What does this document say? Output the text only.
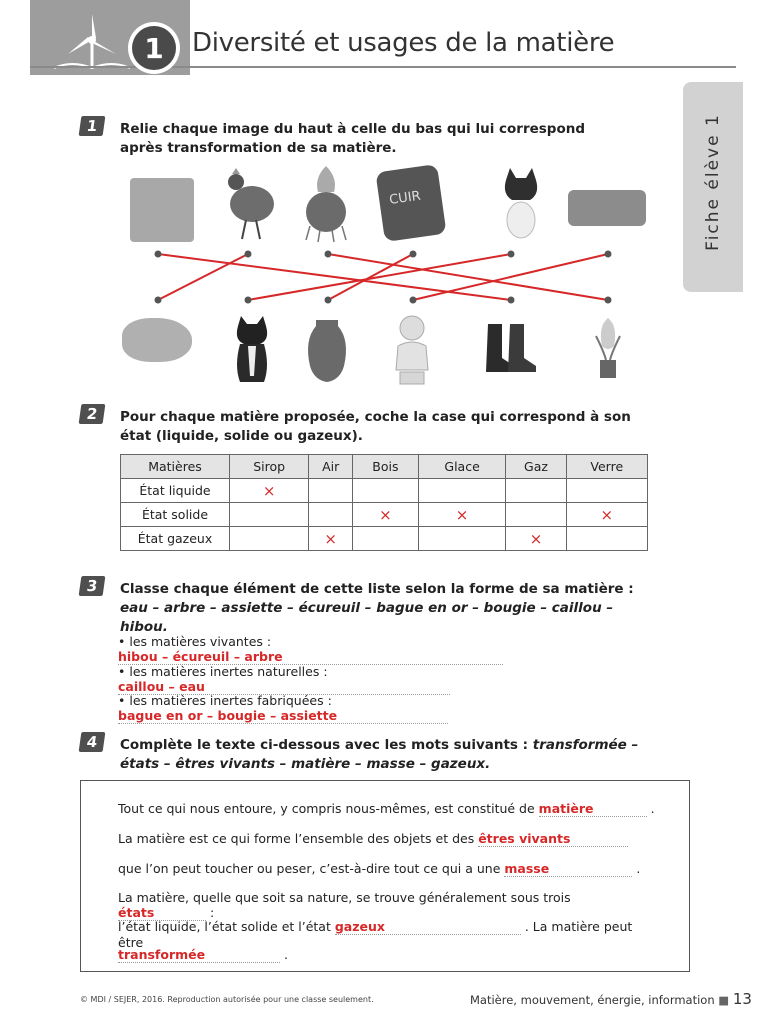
1	Diversité et usages de la matière
Fiche élève 1
1	Relie chaque image du haut à celle du bas qui lui correspond après transformation de sa matière.
CUIR
2	Pour chaque matière proposée, coche la case qui correspond à son état (liquide, solide ou gazeux).
Matières	Sirop	Air	Bois	Glace	Gaz	Verre
État liquide	×					
État solide			×	×		×
État gazeux		×			×	
3	Classe chaque élément de cette liste selon la forme de sa matière :
eau – arbre – assiette – écureuil – bague en or – bougie – caillou – hibou.
• les matières vivantes : hibou – écureuil – arbre
• les matières inertes naturelles : caillou – eau
• les matières inertes fabriquées : bague en or – bougie – assiette
4	Complète le texte ci-dessous avec les mots suivants : transformée – états – êtres vivants – matière – masse – gazeux.
Tout ce qui nous entoure, y compris nous-mêmes, est constitué de matière	.
La matière est ce qui forme l’ensemble des objets et des êtres vivants
que l’on peut toucher ou peser, c’est-à-dire tout ce qui a une masse	.
La matière, quelle que soit sa nature, se trouve généralement sous trois états	:
l’état liquide, l’état solide et l’état gazeux	. La matière peut être
transformée	.
© MDI / SEJER, 2016. Reproduction autorisée pour une classe seulement.	Matière, mouvement, énergie, information ■ 13
